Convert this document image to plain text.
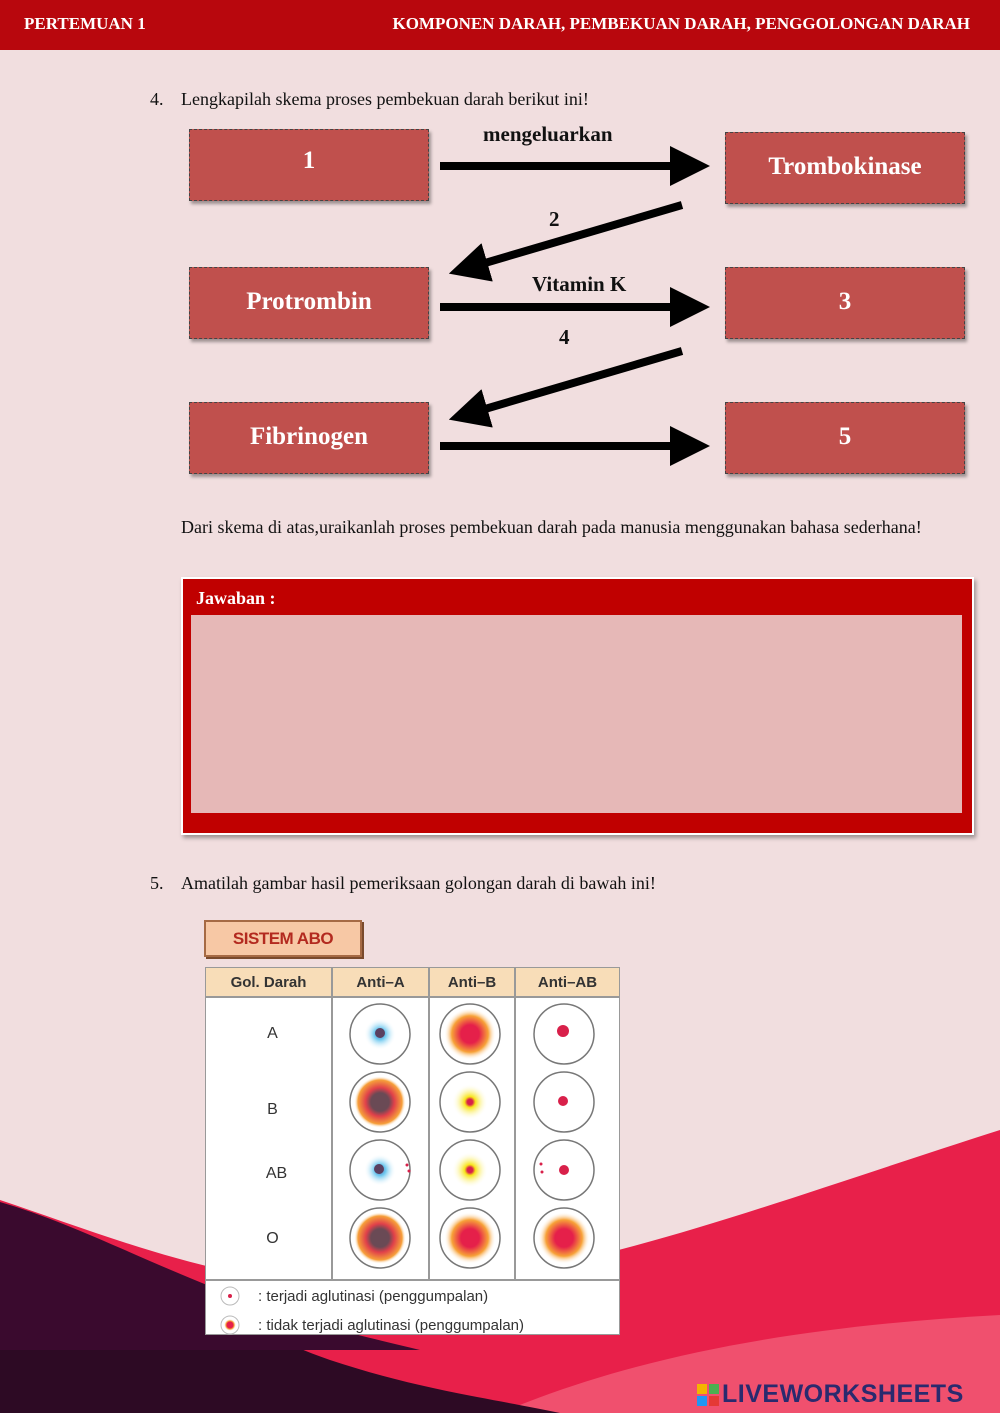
PERTEMUAN 1	KOMPONEN DARAH, PEMBEKUAN DARAH, PENGGOLONGAN DARAH
4. Lengkapilah skema proses pembekuan darah berikut ini!
1	Trombokinase
Protrombin	3
Fibrinogen	5
mengeluarkan
2
Vitamin K
4
Dari skema di atas,uraikanlah proses pembekuan darah pada manusia menggunakan bahasa sederhana!
Jawaban :
5. Amatilah gambar hasil pemeriksaan golongan darah di bawah ini!
SISTEM ABO
Gol. Darah	Anti–A	Anti–B	Anti–AB
A
B
AB
O
: terjadi aglutinasi (penggumpalan)
: tidak terjadi aglutinasi (penggumpalan)
LIVEWORKSHEETS
